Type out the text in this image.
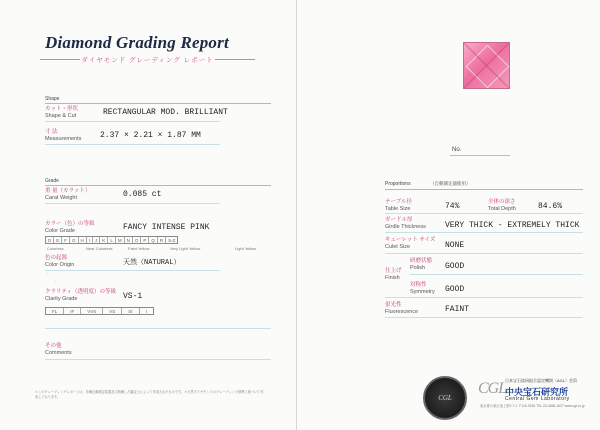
Diamond Grading Report
ダイヤモンド グレーディング レポート
Shape
カット・形状
Shape & Cut	RECTANGULAR MOD. BRILLIANT
寸 法
Measurements 2.37 × 2.21 × 1.87 MM
Grade
重 量（カラット）
Carat Weight	0.085 ct
カラー（色）の等級
Color Grade	FANCY INTENSE PINK
D	E	F	G	H	I	J	K	L	M	N	O	P	Q	R	S-Z
Colorless	Near Colorless	Faint Yellow	Very Light Yellow	Light Yellow
色の起源
Color Origin	天然（NATURAL）
·
·
クラリティ（透明度）の等級
Clarity Grade	VS-1
FL	IF	VVS	VS	SI	I
その他
Comments
No.
Proportions	（自動測定器使用）
テーブル径
Table Size	74%	全体の深さ
Total Depth	84.6%
ガードル厚
Girdle Thickness VERY THICK - EXTREMELY THICK
キューレット サイズ
Culet Size	NONE
仕上げ
Finish
研磨状態
Polish	GOOD
対称性
Symmetry GOOD
蛍光性
Fluorescence	FAINT
＊このグレーディングレポートは、各種自動測定装置及び熟練した鑑定士によって作成されたものです。＊天然ダイヤモンドのグレーディング基準に基づいて作成しております。	CGL
CGL
日本宝石協同組合認定機関（AGL）会員
中央宝石研究所
Central Gem Laboratory
東京都台東区東上野2-7-1 〒110-0015 TEL.03-3836-1627 www.cgl.co.jp
